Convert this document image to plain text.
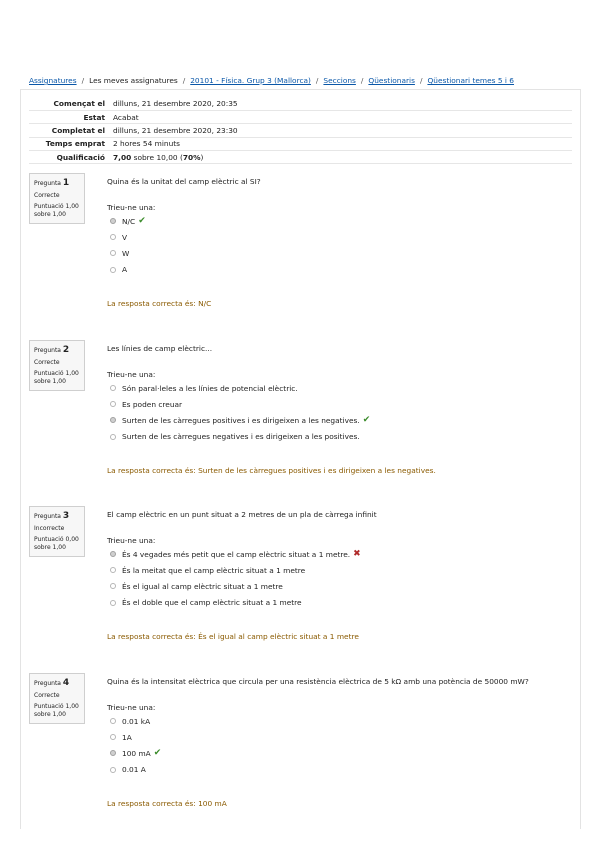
Assignatures / Les meves assignatures / 20101 - Física. Grup 3 (Mallorca) / Seccions / Qüestionaris / Qüestionari temes 5 i 6
Començat el	dilluns, 21 desembre 2020, 20:35
Estat	Acabat
Completat el	dilluns, 21 desembre 2020, 23:30
Temps emprat	2 hores 54 minuts
Qualificació	7,00 sobre 10,00 (70%)
Pregunta 1
Correcte
Puntuació 1,00 sobre 1,00
Quina és la unitat del camp elèctric al SI?
Trieu-ne una:
N/C ✔
V
W
A
La resposta correcta és: N/C
Pregunta 2
Correcte
Puntuació 1,00 sobre 1,00
Les línies de camp elèctric...
Trieu-ne una:
Són paral·leles a les línies de potencial elèctric.
Es poden creuar
Surten de les càrregues positives i es dirigeixen a les negatives. ✔
Surten de les càrregues negatives i es dirigeixen a les positives.
La resposta correcta és: Surten de les càrregues positives i es dirigeixen a les negatives.
Pregunta 3
Incorrecte
Puntuació 0,00 sobre 1,00
El camp elèctric en un punt situat a 2 metres de un pla de càrrega infinit
Trieu-ne una:
És 4 vegades més petit que el camp elèctric situat a 1 metre. ✖
És la meitat que el camp elèctric situat a 1 metre
És el igual al camp elèctric situat a 1 metre
És el doble que el camp elèctric situat a 1 metre
La resposta correcta és: És el igual al camp elèctric situat a 1 metre
Pregunta 4
Correcte
Puntuació 1,00 sobre 1,00
Quina és la intensitat elèctrica que circula per una resistència elèctrica de 5 kΩ amb una potència de 50000 mW?
Trieu-ne una:
0.01 kA
1A
100 mA ✔
0.01 A
La resposta correcta és: 100 mA
